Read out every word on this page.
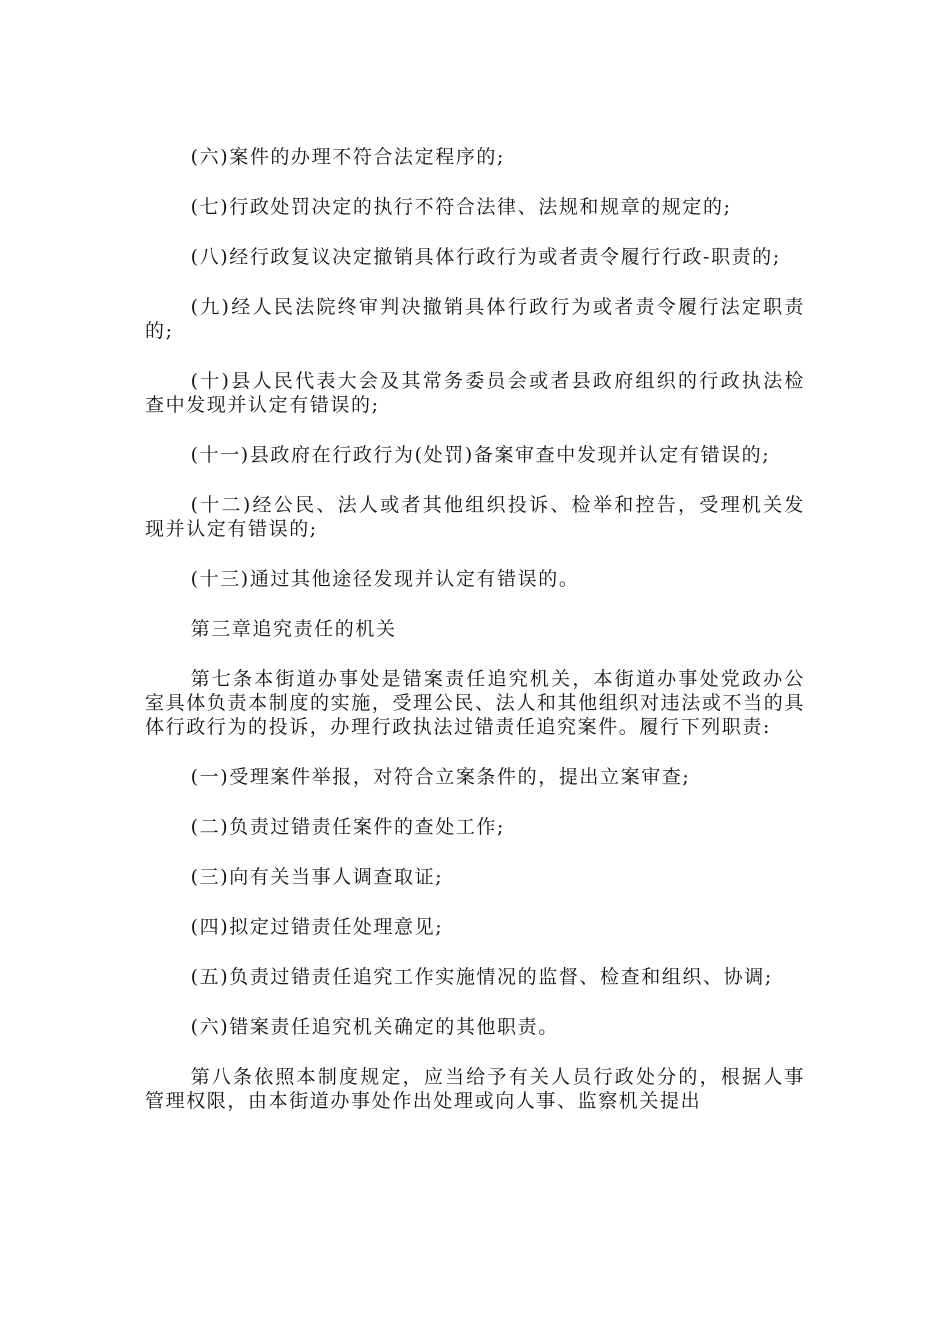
(六)案件的办理不符合法定程序的;

(七)行政处罚决定的执行不符合法律、法规和规章的规定的;

(八)经行政复议决定撤销具体行政行为或者责令履行行政-职责的;

(九)经人民法院终审判决撤销具体行政行为或者责令履行法定职责的;

(十)县人民代表大会及其常务委员会或者县政府组织的行政执法检查中发现并认定有错误的;

(十一)县政府在行政行为(处罚)备案审查中发现并认定有错误的;

(十二)经公民、法人或者其他组织投诉、检举和控告，受理机关发现并认定有错误的;

(十三)通过其他途径发现并认定有错误的。

第三章追究责任的机关

第七条本街道办事处是错案责任追究机关，本街道办事处党政办公室具体负责本制度的实施，受理公民、法人和其他组织对违法或不当的具体行政行为的投诉，办理行政执法过错责任追究案件。履行下列职责:

(一)受理案件举报，对符合立案条件的，提出立案审查;

(二)负责过错责任案件的查处工作;

(三)向有关当事人调查取证;

(四)拟定过错责任处理意见;

(五)负责过错责任追究工作实施情况的监督、检查和组织、协调;

(六)错案责任追究机关确定的其他职责。

第八条依照本制度规定，应当给予有关人员行政处分的，根据人事管理权限，由本街道办事处作出处理或向人事、监察机关提出
